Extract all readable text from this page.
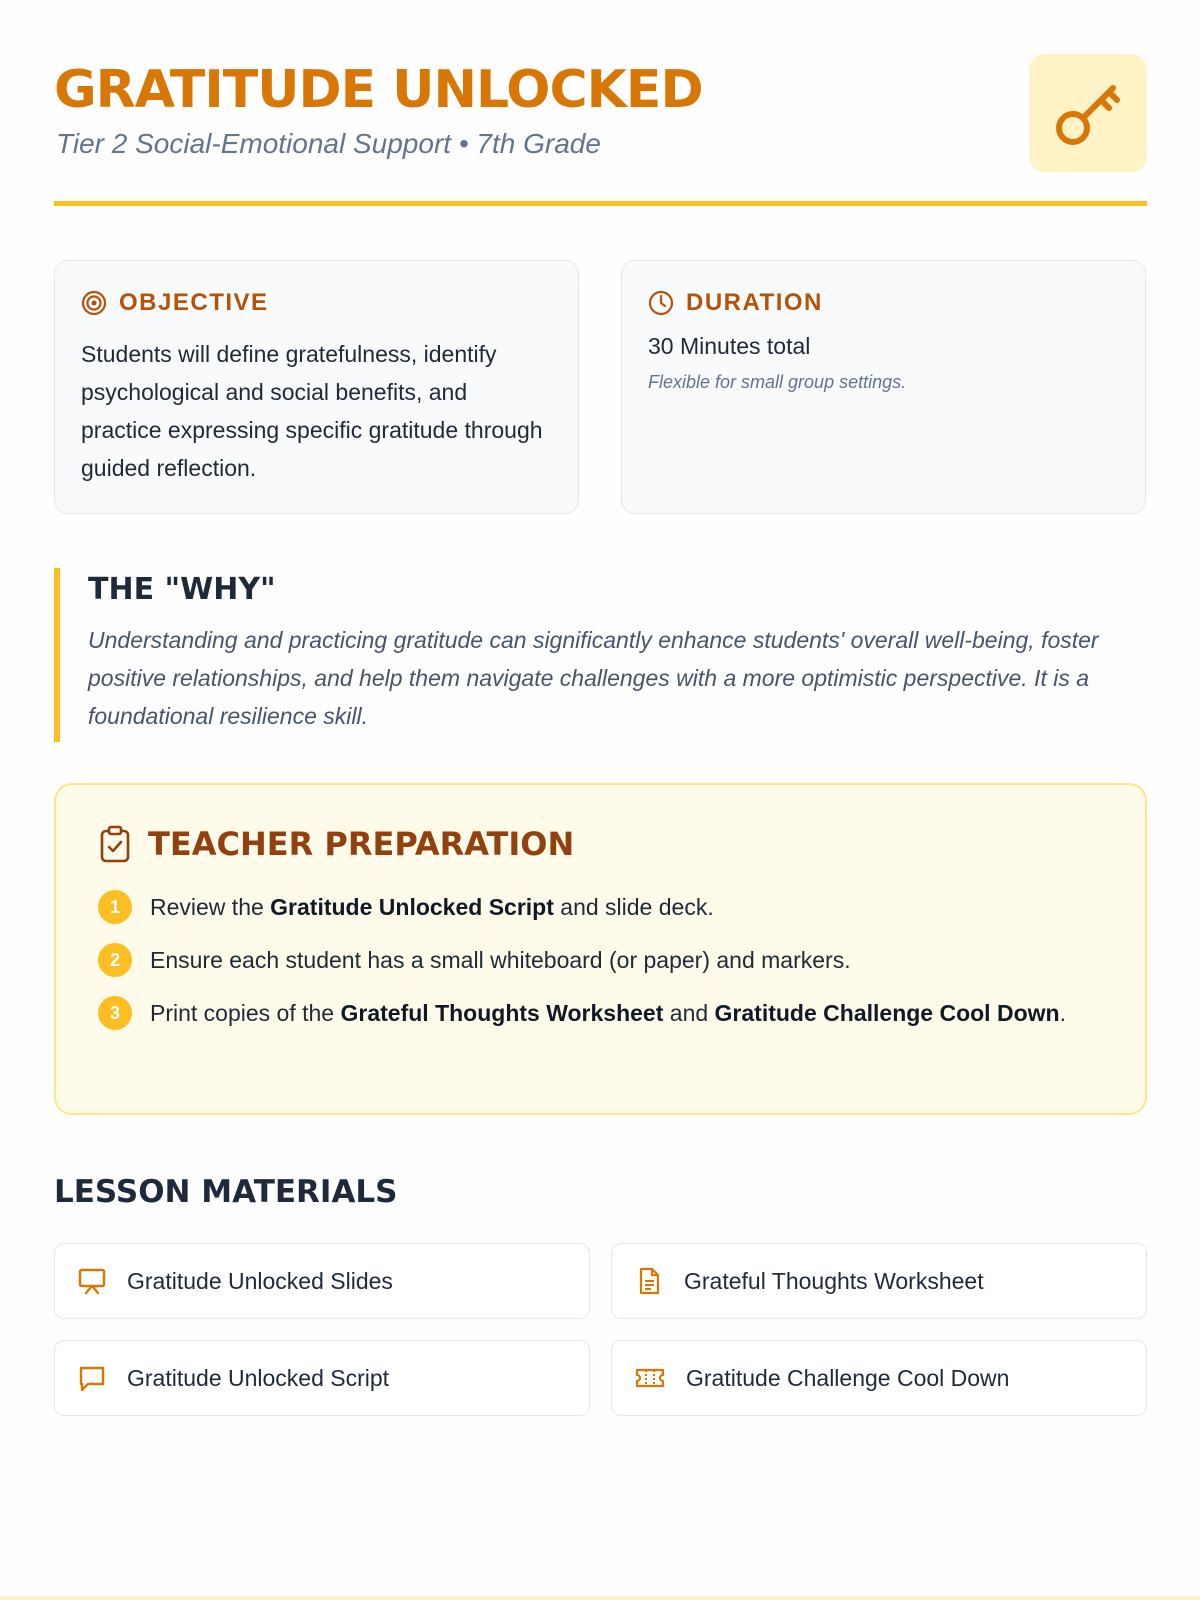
GRATITUDE UNLOCKED
Tier 2 Social-Emotional Support • 7th Grade
OBJECTIVE
Students will define gratefulness, identify psychological and social benefits, and practice expressing specific gratitude through guided reflection.
DURATION
30 Minutes total
Flexible for small group settings.
THE "WHY"

Understanding and practicing gratitude can significantly enhance students' overall well-being, foster positive relationships, and help them navigate challenges with a more optimistic perspective. It is a foundational resilience skill.

TEACHER PREPARATION
1	Review the Gratitude Unlocked Script and slide deck.
2	Ensure each student has a small whiteboard (or paper) and markers.
3	Print copies of the Grateful Thoughts Worksheet and Gratitude Challenge Cool Down.
LESSON MATERIALS
Gratitude Unlocked Slides	Grateful Thoughts Worksheet
Gratitude Unlocked Script	Gratitude Challenge Cool Down
